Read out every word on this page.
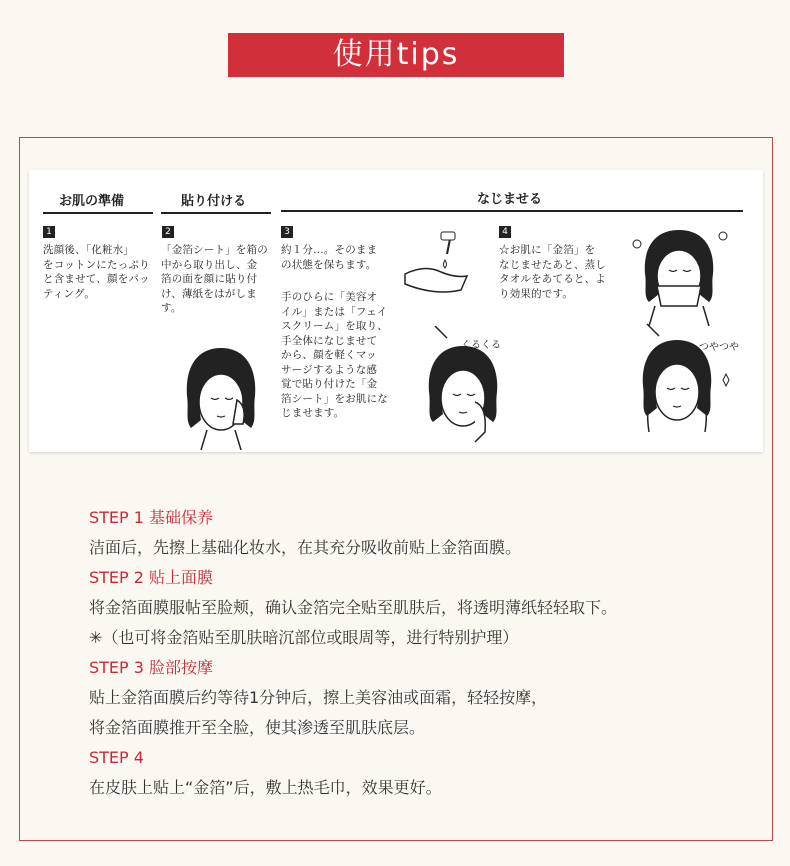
使用tips
お肌の準備	貼り付ける	なじませる
1
洗顔後、「化粧水」
をコットンにたっぷり
と含ませて、顔をパッ
ティング。
2
「金箔シート」を箱の
中から取り出し、金
箔の面を顔に貼り付
け、薄紙をはがしま
す。
3
約１分…。そのまま
の状態を保ちます。
手のひらに「美容オ
イル」または「フェイ
スクリーム」を取り、
手全体になじませて
から、顔を軽くマッ
サージするような感
覚で貼り付けた「金
箔シート」をお肌にな
じませます。
4
☆お肌に「金箔」を
なじませたあと、蒸し
タオルをあてると、よ
り効果的です。
くるくる	つやつや
STEP 1 基础保养
洁面后，先擦上基础化妆水，在其充分吸收前贴上金箔面膜。
STEP 2 贴上面膜
将金箔面膜服帖至脸颊，确认金箔完全贴至肌肤后，将透明薄纸轻轻取下。
✳（也可将金箔贴至肌肤暗沉部位或眼周等，进行特别护理）
STEP 3 脸部按摩
贴上金箔面膜后约等待1分钟后，擦上美容油或面霜，轻轻按摩，
将金箔面膜推开至全脸，使其渗透至肌肤底层。
STEP 4
在皮肤上贴上“金箔”后，敷上热毛巾，效果更好。
